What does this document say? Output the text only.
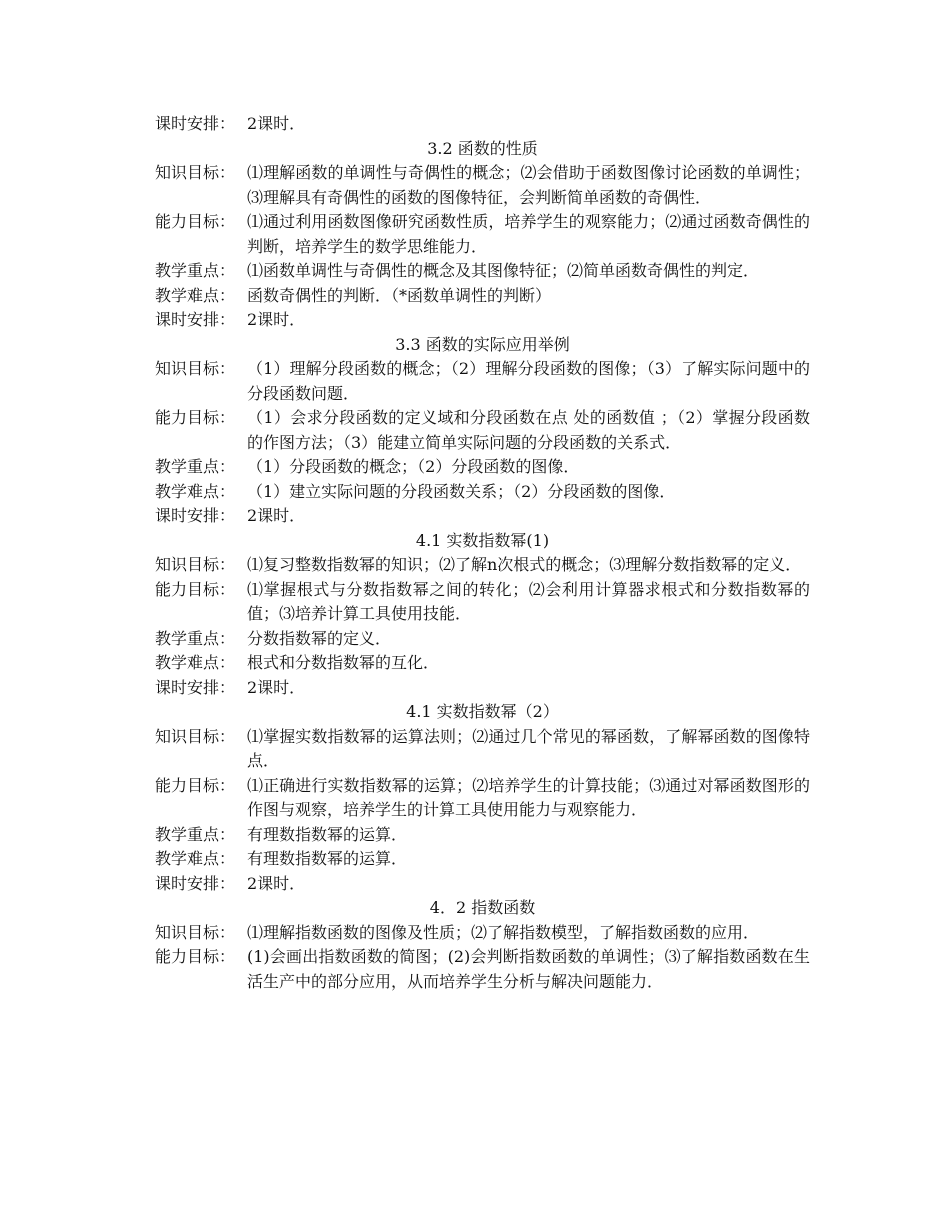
课时安排： 2课时．
3.2 函数的性质
知识目标： ⑴理解函数的单调性与奇偶性的概念；⑵会借助于函数图像讨论函数的单调性；⑶理解具有奇偶性的函数的图像特征，会判断简单函数的奇偶性．
能力目标： ⑴通过利用函数图像研究函数性质，培养学生的观察能力；⑵通过函数奇偶性的判断，培养学生的数学思维能力．
教学重点： ⑴函数单调性与奇偶性的概念及其图像特征；⑵简单函数奇偶性的判定．
教学难点： 函数奇偶性的判断．（*函数单调性的判断）
课时安排： 2课时．
3.3 函数的实际应用举例
知识目标： （1）理解分段函数的概念；（2）理解分段函数的图像；（3）了解实际问题中的分段函数问题．
能力目标： （1）会求分段函数的定义域和分段函数在点 处的函数值 ；（2）掌握分段函数的作图方法；（3）能建立简单实际问题的分段函数的关系式．
教学重点： （1）分段函数的概念；（2）分段函数的图像．
教学难点： （1）建立实际问题的分段函数关系；（2）分段函数的图像．
课时安排： 2课时．
4.1 实数指数幂(1)
知识目标： ⑴复习整数指数幂的知识；⑵了解n次根式的概念；⑶理解分数指数幂的定义．
能力目标： ⑴掌握根式与分数指数幂之间的转化；⑵会利用计算器求根式和分数指数幂的值；⑶培养计算工具使用技能．
教学重点： 分数指数幂的定义．
教学难点： 根式和分数指数幂的互化．
课时安排： 2课时．
4.1 实数指数幂（2）
知识目标： ⑴掌握实数指数幂的运算法则；⑵通过几个常见的幂函数，了解幂函数的图像特点．
能力目标： ⑴正确进行实数指数幂的运算；⑵培养学生的计算技能；⑶通过对幂函数图形的作图与观察，培养学生的计算工具使用能力与观察能力．
教学重点： 有理数指数幂的运算．
教学难点： 有理数指数幂的运算．
课时安排： 2课时．
4．2 指数函数
知识目标： ⑴理解指数函数的图像及性质；⑵了解指数模型，了解指数函数的应用．
能力目标： (1)会画出指数函数的简图；(2)会判断指数函数的单调性；⑶了解指数函数在生活生产中的部分应用，从而培养学生分析与解决问题能力．
